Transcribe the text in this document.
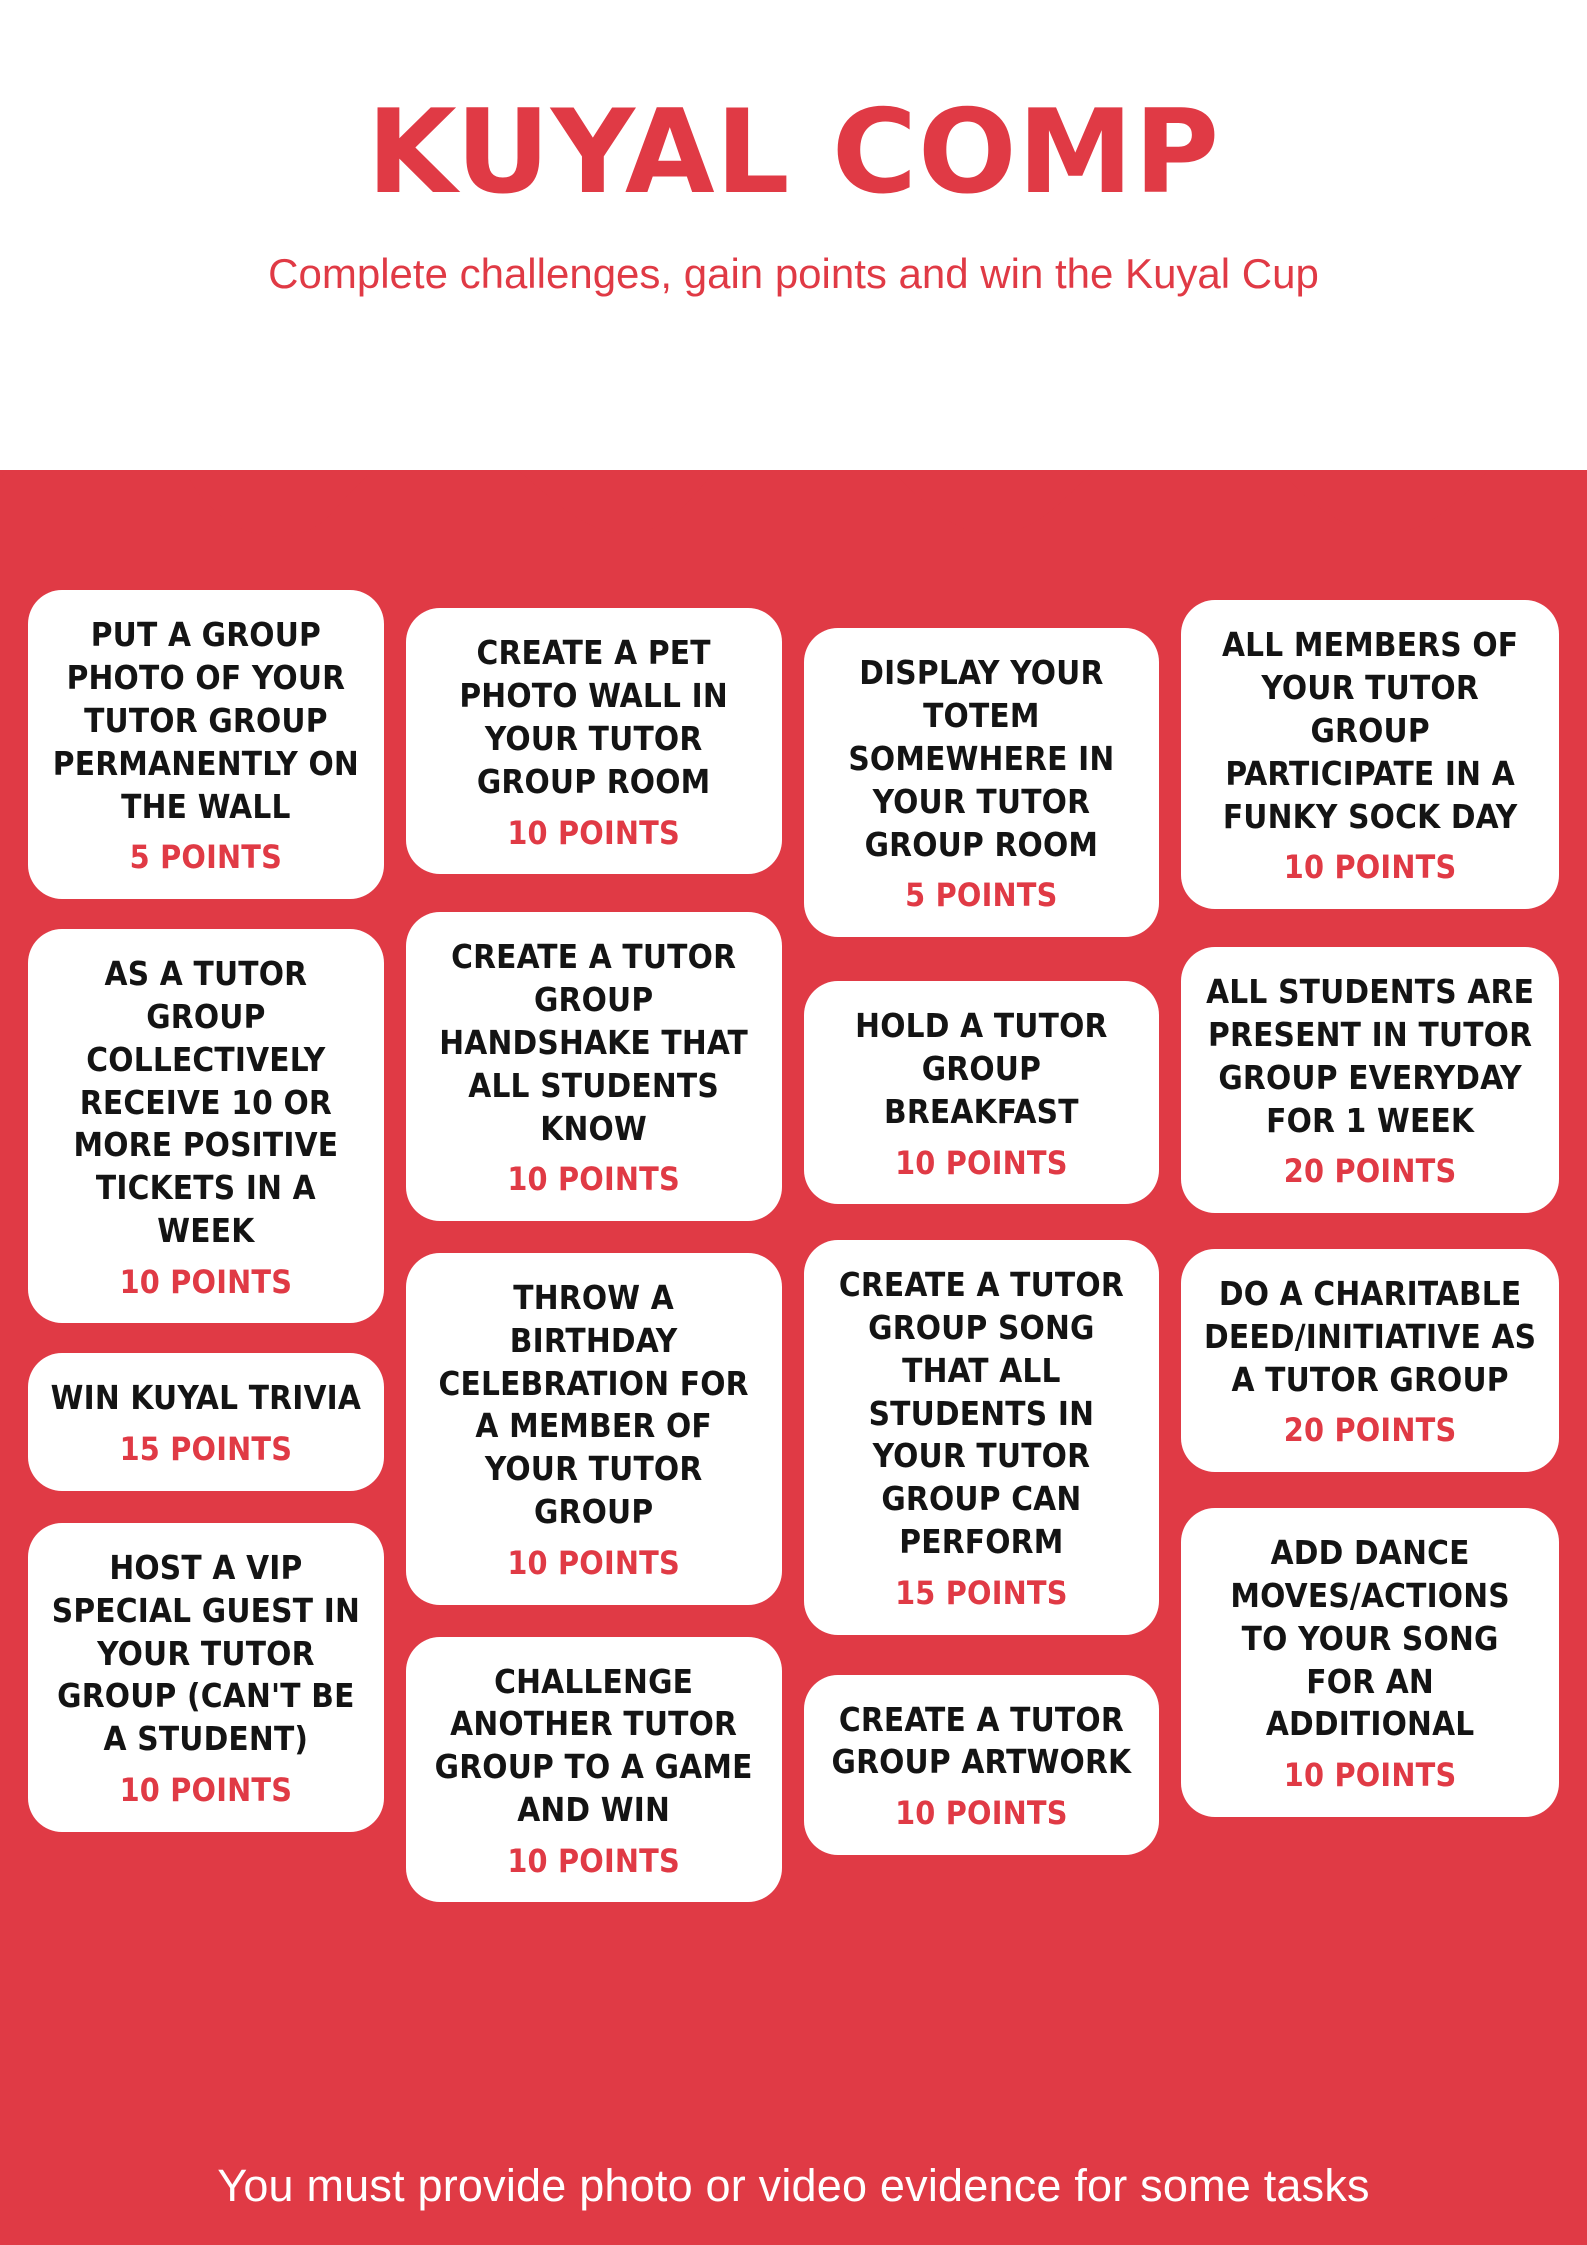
KUYAL COMP

Complete challenges, gain points and win the Kuyal Cup

PUT A GROUP PHOTO OF YOUR TUTOR GROUP PERMANENTLY ON THE WALL
5 POINTS
AS A TUTOR GROUP COLLECTIVELY RECEIVE 10 OR MORE POSITIVE TICKETS IN A WEEK
10 POINTS
WIN KUYAL TRIVIA
15 POINTS
HOST A VIP SPECIAL GUEST IN YOUR TUTOR GROUP (CAN'T BE A STUDENT)
10 POINTS
CREATE A PET PHOTO WALL IN YOUR TUTOR GROUP ROOM
10 POINTS
CREATE A TUTOR GROUP HANDSHAKE THAT ALL STUDENTS KNOW
10 POINTS
THROW A BIRTHDAY CELEBRATION FOR A MEMBER OF YOUR TUTOR GROUP
10 POINTS
CHALLENGE ANOTHER TUTOR GROUP TO A GAME AND WIN
10 POINTS
DISPLAY YOUR TOTEM SOMEWHERE IN YOUR TUTOR GROUP ROOM
5 POINTS
HOLD A TUTOR GROUP BREAKFAST
10 POINTS
CREATE A TUTOR GROUP SONG THAT ALL STUDENTS IN YOUR TUTOR GROUP CAN PERFORM
15 POINTS
CREATE A TUTOR GROUP ARTWORK
10 POINTS
ALL MEMBERS OF YOUR TUTOR GROUP PARTICIPATE IN A FUNKY SOCK DAY
10 POINTS
ALL STUDENTS ARE PRESENT IN TUTOR GROUP EVERYDAY FOR 1 WEEK
20 POINTS
DO A CHARITABLE DEED/INITIATIVE AS A TUTOR GROUP
20 POINTS
ADD DANCE MOVES/ACTIONS TO YOUR SONG FOR AN ADDITIONAL
10 POINTS
You must provide photo or video evidence for some tasks
